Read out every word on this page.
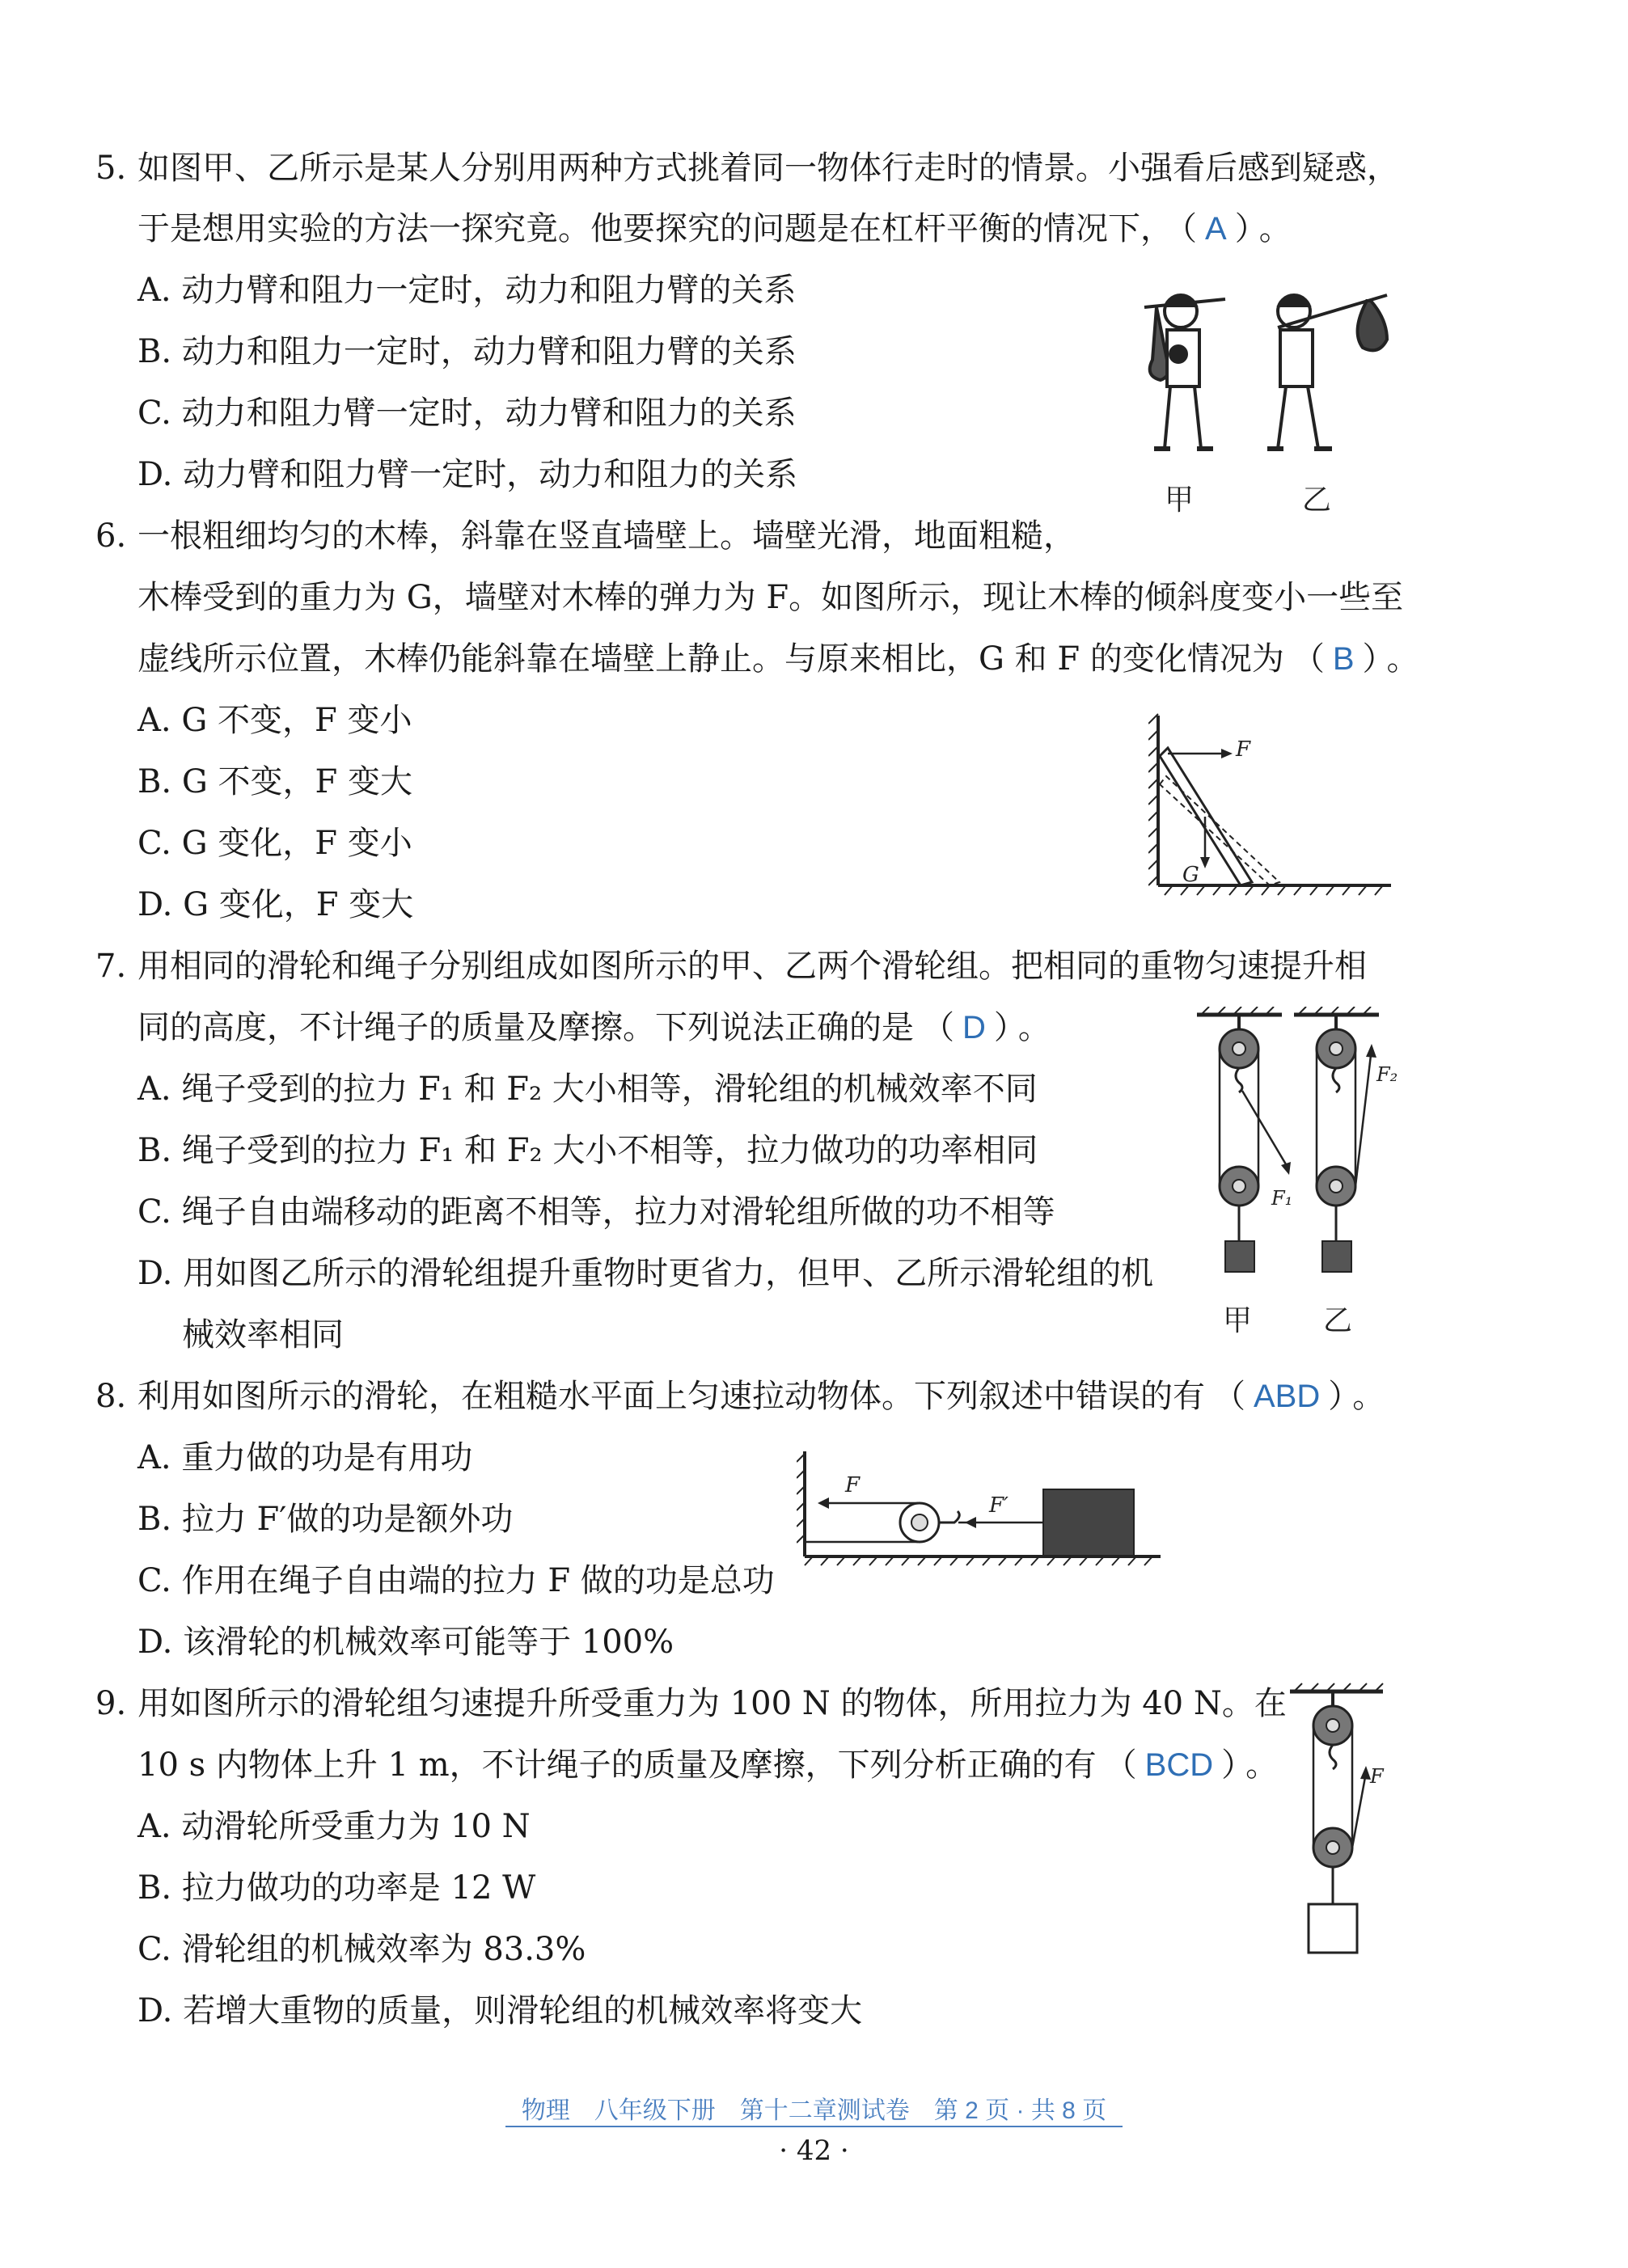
5. 如图甲、乙所示是某人分别用两种方式挑着同一物体行走时的情景。小强看后感到疑惑，
于是想用实验的方法一探究竟。他要探究的问题是在杠杆平衡的情况下， （ A ） 。
A. 动力臂和阻力一定时，动力和阻力臂的关系
B. 动力和阻力一定时，动力臂和阻力臂的关系
C. 动力和阻力臂一定时，动力臂和阻力的关系
D. 动力臂和阻力臂一定时，动力和阻力的关系
甲	乙
6. 一根粗细均匀的木棒，斜靠在竖直墙壁上。墙壁光滑，地面粗糙，
木棒受到的重力为 G，墙壁对木棒的弹力为 F。如图所示，现让木棒的倾斜度变小一些至
虚线所示位置，木棒仍能斜靠在墙壁上静止。与原来相比，G 和 F 的变化情况为 （ B ） 。
A. G 不变，F 变小
B. G 不变，F 变大
C. G 变化，F 变小
D. G 变化，F 变大
F
G
7. 用相同的滑轮和绳子分别组成如图所示的甲、乙两个滑轮组。把相同的重物匀速提升相
同的高度，不计绳子的质量及摩擦。下列说法正确的是 （ D ） 。
A. 绳子受到的拉力 F₁ 和 F₂ 大小相等，滑轮组的机械效率不同
B. 绳子受到的拉力 F₁ 和 F₂ 大小不相等，拉力做功的功率相同
C. 绳子自由端移动的距离不相等，拉力对滑轮组所做的功不相等
D. 用如图乙所示的滑轮组提升重物时更省力，但甲、乙所示滑轮组的机
械效率相同
F₁
F₂
甲 乙
8. 利用如图所示的滑轮，在粗糙水平面上匀速拉动物体。下列叙述中错误的有 （ ABD ） 。
A. 重力做的功是有用功
B. 拉力 F′做的功是额外功
C. 作用在绳子自由端的拉力 F 做的功是总功
D. 该滑轮的机械效率可能等于 100%
F
F′
9. 用如图所示的滑轮组匀速提升所受重力为 100 N 的物体，所用拉力为 40 N。在
10 s 内物体上升 1 m，不计绳子的质量及摩擦，下列分析正确的有 （ BCD ） 。
A. 动滑轮所受重力为 10 N
B. 拉力做功的功率是 12 W
C. 滑轮组的机械效率为 83.3%
D. 若增大重物的质量，则滑轮组的机械效率将变大
F
物理　八年级下册　第十二章测试卷　第 2 页 · 共 8 页
· 42 ·
